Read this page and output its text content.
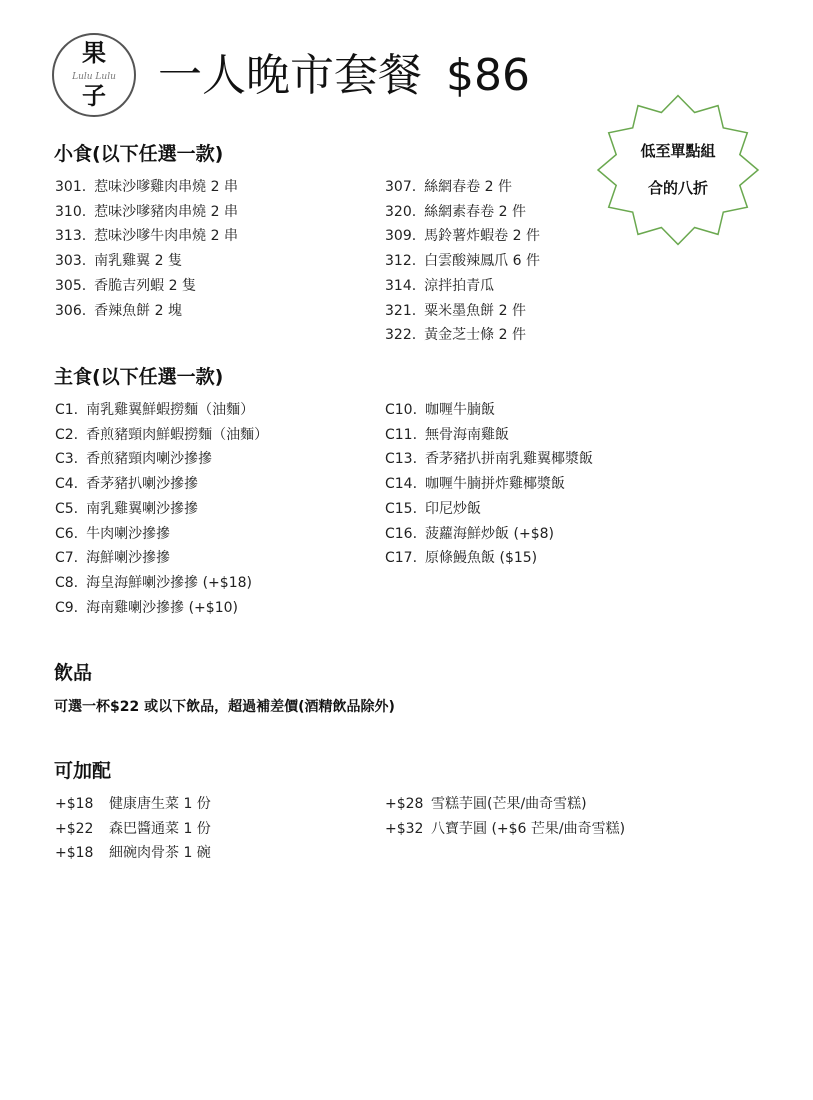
果
Lulu Lulu
子	一人晚市套餐 $86
低至單點組
合的八折
小食(以下任選一款)
301. 惹味沙嗲雞肉串燒 2 串
310. 惹味沙嗲豬肉串燒 2 串
313. 惹味沙嗲牛肉串燒 2 串
303. 南乳雞翼 2 隻
305. 香脆吉列蝦 2 隻
306. 香辣魚餅 2 塊
307. 絲網春卷 2 件
320. 絲網素春卷 2 件
309. 馬鈴薯炸蝦卷 2 件
312. 白雲酸辣鳳爪 6 件
314. 涼拌拍青瓜
321. 粟米墨魚餅 2 件
322. 黃金芝士條 2 件
主食(以下任選一款)
C1. 南乳雞翼鮮蝦撈麵（油麵）
C2. 香煎豬頸肉鮮蝦撈麵（油麵）
C3. 香煎豬頸肉喇沙摻摻
C4. 香茅豬扒喇沙摻摻
C5. 南乳雞翼喇沙摻摻
C6. 牛肉喇沙摻摻
C7. 海鮮喇沙摻摻
C8. 海皇海鮮喇沙摻摻 (+$18)
C9. 海南雞喇沙摻摻 (+$10)
C10. 咖喱牛腩飯
C11. 無骨海南雞飯
C13. 香茅豬扒拼南乳雞翼椰漿飯
C14. 咖喱牛腩拼炸雞椰漿飯
C15. 印尼炒飯
C16. 菠蘿海鮮炒飯 (+$8)
C17. 原條鰻魚飯 ($15)
飲品
可選一杯$22 或以下飲品，超過補差價(酒精飲品除外)
可加配
+$18 健康唐生菜 1 份
+$22 森巴醬通菜 1 份
+$18 細碗肉骨茶 1 碗
+$28 雪糕芋圓(芒果/曲奇雪糕)
+$32 八寶芋圓 (+$6 芒果/曲奇雪糕)
